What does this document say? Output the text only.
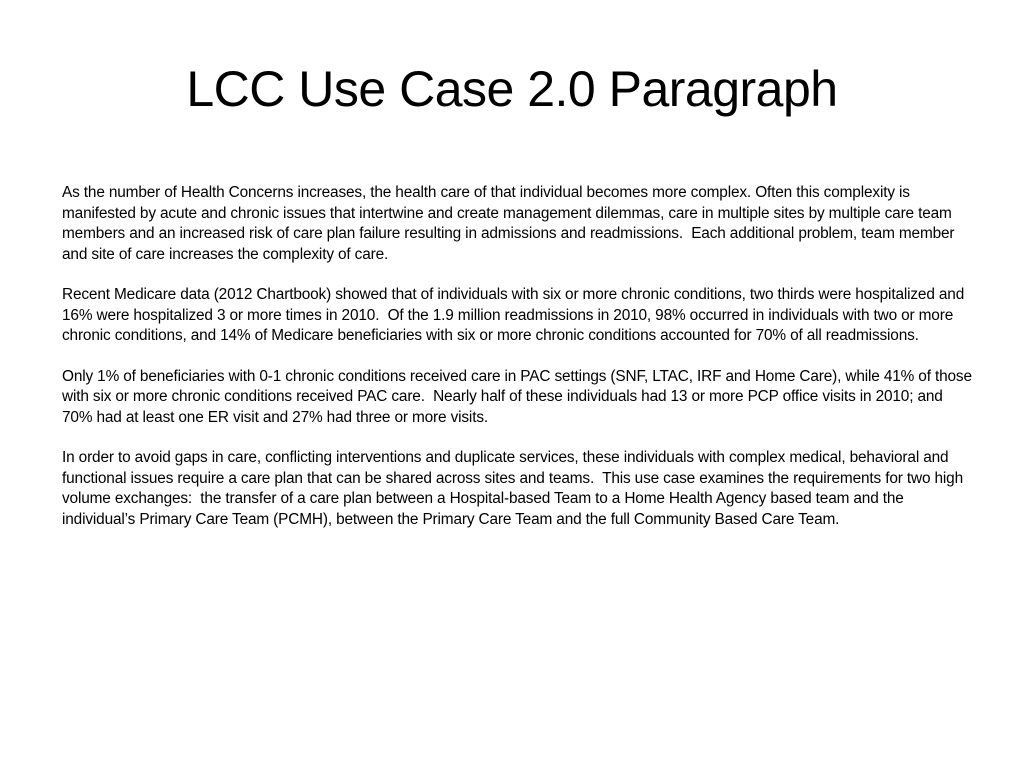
LCC Use Case 2.0 Paragraph

As the number of Health Concerns increases, the health care of that individual becomes more complex. Often this complexity is manifested by acute and chronic issues that intertwine and create management dilemmas, care in multiple sites by multiple care team members and an increased risk of care plan failure resulting in admissions and readmissions.  Each additional problem, team member and site of care increases the complexity of care.

Recent Medicare data (2012 Chartbook) showed that of individuals with six or more chronic conditions, two thirds were hospitalized and 16% were hospitalized 3 or more times in 2010.  Of the 1.9 million readmissions in 2010, 98% occurred in individuals with two or more chronic conditions, and 14% of Medicare beneficiaries with six or more chronic conditions accounted for 70% of all readmissions.

Only 1% of beneficiaries with 0-1 chronic conditions received care in PAC settings (SNF, LTAC, IRF and Home Care), while 41% of those with six or more chronic conditions received PAC care.  Nearly half of these individuals had 13 or more PCP office visits in 2010; and 70% had at least one ER visit and 27% had three or more visits.

In order to avoid gaps in care, conflicting interventions and duplicate services, these individuals with complex medical, behavioral and functional issues require a care plan that can be shared across sites and teams.  This use case examines the requirements for two high volume exchanges:  the transfer of a care plan between a Hospital-based Team to a Home Health Agency based team and the individual’s Primary Care Team (PCMH), between the Primary Care Team and the full Community Based Care Team.
